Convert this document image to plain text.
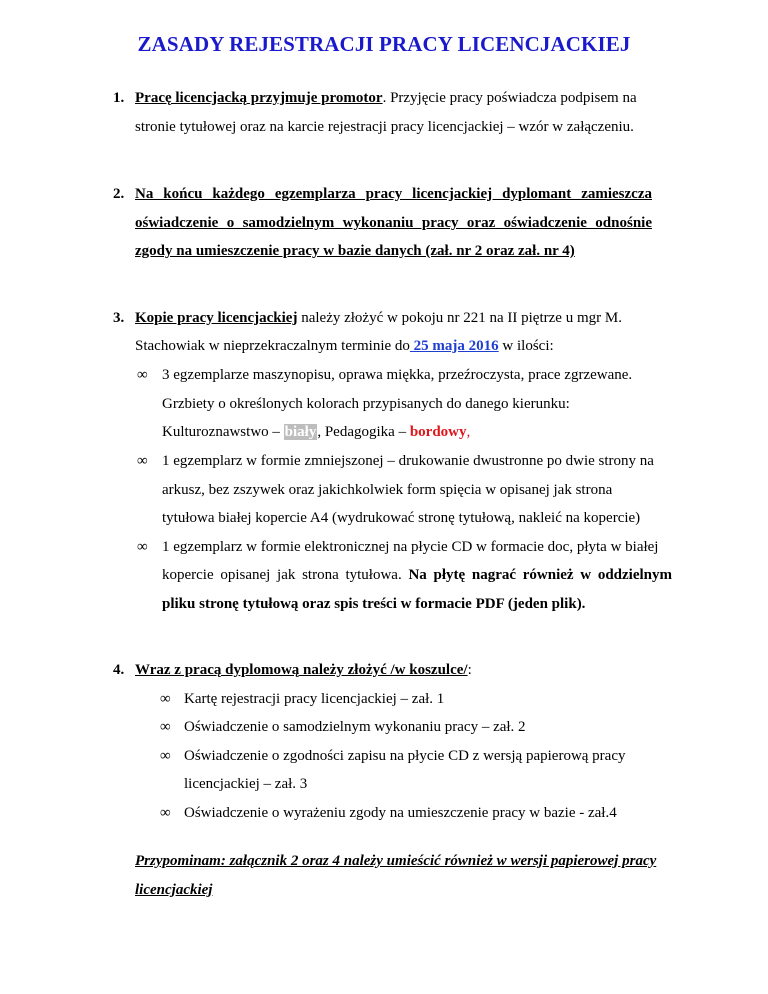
ZASADY REJESTRACJI PRACY LICENCJACKIEJ
1. Pracę licencjacką przyjmuje promotor. Przyjęcie pracy poświadcza podpisem na
stronie tytułowej oraz na karcie rejestracji pracy licencjackiej – wzór w załączeniu.
2. Na końcu każdego egzemplarza pracy licencjackiej dyplomant zamieszcza
oświadczenie o samodzielnym wykonaniu pracy oraz oświadczenie odnośnie
zgody na umieszczenie pracy w bazie danych (zał. nr 2 oraz zał. nr 4)
3. Kopie pracy licencjackiej należy złożyć w pokoju nr 221 na II piętrze u mgr M.
Stachowiak w nieprzekraczalnym terminie do 25 maja 2016 w ilości:
∞ 3 egzemplarze maszynopisu, oprawa miękka, przeźroczysta, prace zgrzewane.
Grzbiety o określonych kolorach przypisanych do danego kierunku:
Kulturoznawstwo – biały, Pedagogika – bordowy,
∞ 1 egzemplarz w formie zmniejszonej – drukowanie dwustronne po dwie strony na
arkusz, bez zszywek oraz jakichkolwiek form spięcia w opisanej jak strona
tytułowa białej kopercie A4 (wydrukować stronę tytułową, nakleić na kopercie)
∞ 1 egzemplarz w formie elektronicznej na płycie CD w formacie doc, płyta w białej
kopercie opisanej jak strona tytułowa. Na płytę nagrać również w oddzielnym
pliku stronę tytułową oraz spis treści w formacie PDF (jeden plik).
4. Wraz z pracą dyplomową należy złożyć /w koszulce/:
∞ Kartę rejestracji pracy licencjackiej – zał. 1
∞ Oświadczenie o samodzielnym wykonaniu pracy – zał. 2
∞ Oświadczenie o zgodności zapisu na płycie CD z wersją papierową pracy
licencjackiej – zał. 3
∞ Oświadczenie o wyrażeniu zgody na umieszczenie pracy w bazie - zał.4
Przypominam: załącznik 2 oraz 4 należy umieścić również w wersji papierowej pracy
licencjackiej
